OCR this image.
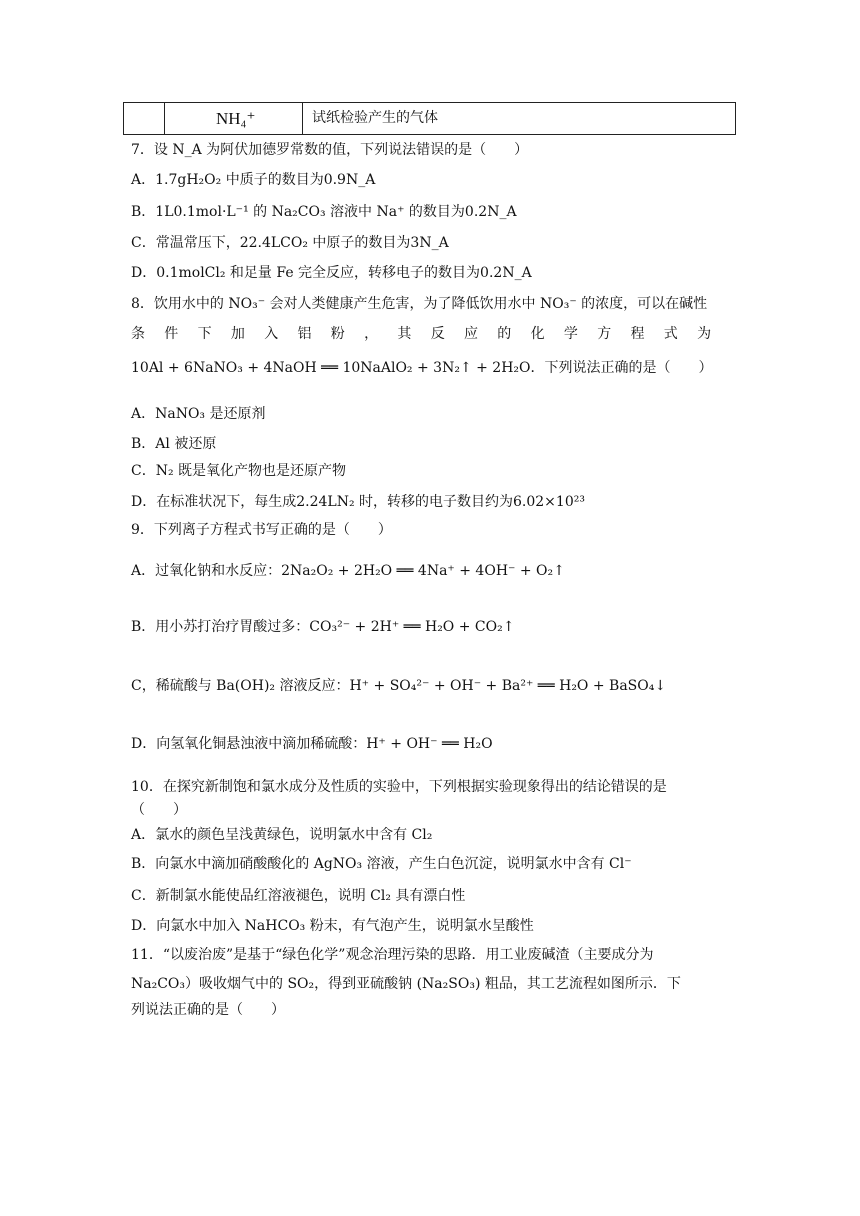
NH₄⁺	试纸检验产生的气体
7．设 N_A 为阿伏加德罗常数的值，下列说法错误的是（　　）
A．1.7gH₂O₂ 中质子的数目为0.9N_A
B．1L0.1mol·L⁻¹ 的 Na₂CO₃ 溶液中 Na⁺ 的数目为0.2N_A
C．常温常压下，22.4LCO₂ 中原子的数目为3N_A
D．0.1molCl₂ 和足量 Fe 完全反应，转移电子的数目为0.2N_A
8．饮用水中的 NO₃⁻ 会对人类健康产生危害，为了降低饮用水中 NO₃⁻ 的浓度，可以在碱性
条件下加入铝粉，其反应的化学方程式为
10Al + 6NaNO₃ + 4NaOH ══ 10NaAlO₂ + 3N₂↑ + 2H₂O．下列说法正确的是（　　）
A．NaNO₃ 是还原剂
B．Al 被还原
C．N₂ 既是氧化产物也是还原产物
D．在标准状况下，每生成2.24LN₂ 时，转移的电子数目约为6.02×10²³
9．下列离子方程式书写正确的是（　　）
A．过氧化钠和水反应：2Na₂O₂ + 2H₂O ══ 4Na⁺ + 4OH⁻ + O₂↑
B．用小苏打治疗胃酸过多：CO₃²⁻ + 2H⁺ ══ H₂O + CO₂↑
C，稀硫酸与 Ba(OH)₂ 溶液反应：H⁺ + SO₄²⁻ + OH⁻ + Ba²⁺ ══ H₂O + BaSO₄↓
D．向氢氧化铜悬浊液中滴加稀硫酸：H⁺ + OH⁻ ══ H₂O
10．在探究新制饱和氯水成分及性质的实验中，下列根据实验现象得出的结论错误的是
（　　）
A．氯水的颜色呈浅黄绿色，说明氯水中含有 Cl₂
B．向氯水中滴加硝酸酸化的 AgNO₃ 溶液，产生白色沉淀，说明氯水中含有 Cl⁻
C．新制氯水能使品红溶液褪色，说明 Cl₂ 具有漂白性
D．向氯水中加入 NaHCO₃ 粉末，有气泡产生，说明氯水呈酸性
11．“以废治废”是基于“绿色化学”观念治理污染的思路．用工业废碱渣（主要成分为
Na₂CO₃）吸收烟气中的 SO₂，得到亚硫酸钠 (Na₂SO₃) 粗品，其工艺流程如图所示．下
列说法正确的是（　　）
